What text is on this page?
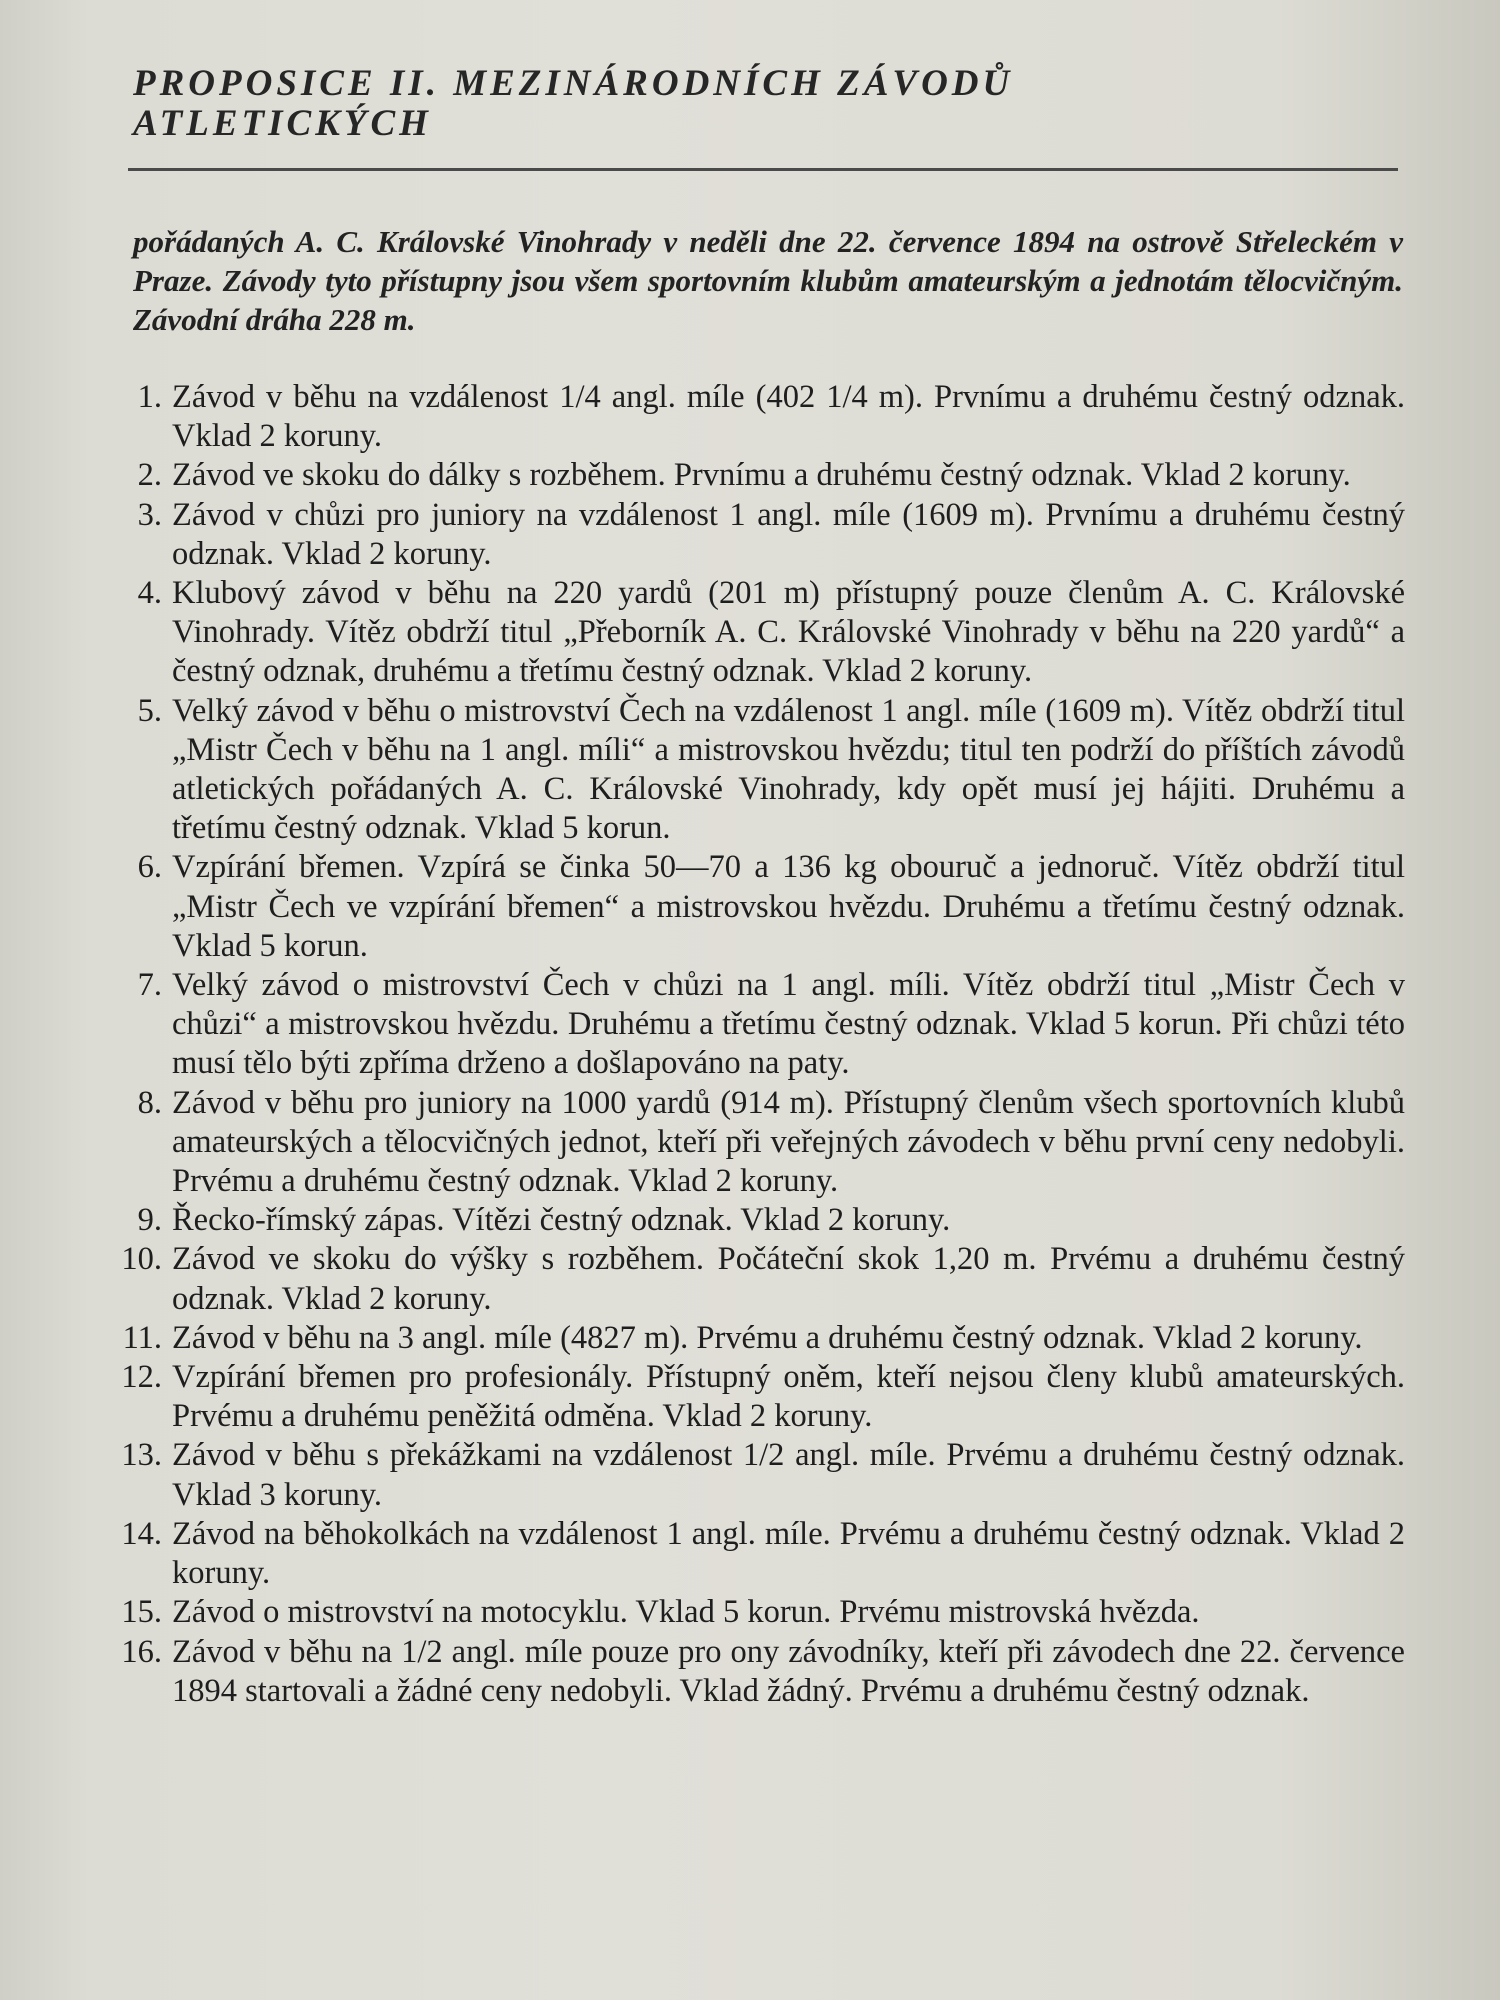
PROPOSICE II. MEZINÁRODNÍCH ZÁVODŮ
ATLETICKÝCH
pořádaných A. C. Královské Vinohrady v neděli dne 22. července 1894 na ostrově Střeleckém v Praze. Závody tyto přístupny jsou všem sportovním klubům amateurským a jednotám tělocvičným. Závodní dráha 228 m.
1. Závod v běhu na vzdálenost 1/4 angl. míle (402 1/4 m). Prvnímu a druhému čestný odznak. Vklad 2 koruny.
2. Závod ve skoku do dálky s rozběhem. Prvnímu a druhému čestný odznak. Vklad 2 koruny.
3. Závod v chůzi pro juniory na vzdálenost 1 angl. míle (1609 m). Prvnímu a druhému čestný odznak. Vklad 2 koruny.
4. Klubový závod v běhu na 220 yardů (201 m) přístupný pouze členům A. C. Královské Vinohrady. Vítěz obdrží titul „Přeborník A. C. Královské Vinohrady v běhu na 220 yardů“ a čestný odznak, druhému a třetímu čestný odznak. Vklad 2 koruny.
5. Velký závod v běhu o mistrovství Čech na vzdálenost 1 angl. míle (1609 m). Vítěz obdrží titul „Mistr Čech v běhu na 1 angl. míli“ a mistrovskou hvězdu; titul ten podrží do příštích závodů atletických pořádaných A. C. Královské Vinohrady, kdy opět musí jej hájiti. Druhému a třetímu čestný odznak. Vklad 5 korun.
6. Vzpírání břemen. Vzpírá se činka 50—70 a 136 kg obouruč a jednoruč. Vítěz obdrží titul „Mistr Čech ve vzpírání břemen“ a mistrovskou hvězdu. Druhému a třetímu čestný odznak. Vklad 5 korun.
7. Velký závod o mistrovství Čech v chůzi na 1 angl. míli. Vítěz obdrží titul „Mistr Čech v chůzi“ a mistrovskou hvězdu. Druhému a třetímu čestný odznak. Vklad 5 korun. Při chůzi této musí tělo býti zpříma drženo a došlapováno na paty.
8. Závod v běhu pro juniory na 1000 yardů (914 m). Přístupný členům všech sportovních klubů amateurských a tělocvičných jednot, kteří při veřejných závodech v běhu první ceny nedobyli. Prvému a druhému čestný odznak. Vklad 2 koruny.
9. Řecko-římský zápas. Vítězi čestný odznak. Vklad 2 koruny.
10. Závod ve skoku do výšky s rozběhem. Počáteční skok 1,20 m. Prvému a druhému čestný odznak. Vklad 2 koruny.
11. Závod v běhu na 3 angl. míle (4827 m). Prvému a druhému čestný odznak. Vklad 2 koruny.
12. Vzpírání břemen pro profesionály. Přístupný oněm, kteří nejsou členy klubů amateurských. Prvému a druhému peněžitá odměna. Vklad 2 koruny.
13. Závod v běhu s překážkami na vzdálenost 1/2 angl. míle. Prvému a druhému čestný odznak. Vklad 3 koruny.
14. Závod na běhokolkách na vzdálenost 1 angl. míle. Prvému a druhému čestný odznak. Vklad 2 koruny.
15. Závod o mistrovství na motocyklu. Vklad 5 korun. Prvému mistrovská hvězda.
16. Závod v běhu na 1/2 angl. míle pouze pro ony závodníky, kteří při závodech dne 22. července 1894 startovali a žádné ceny nedobyli. Vklad žádný. Prvému a druhému čestný odznak.
